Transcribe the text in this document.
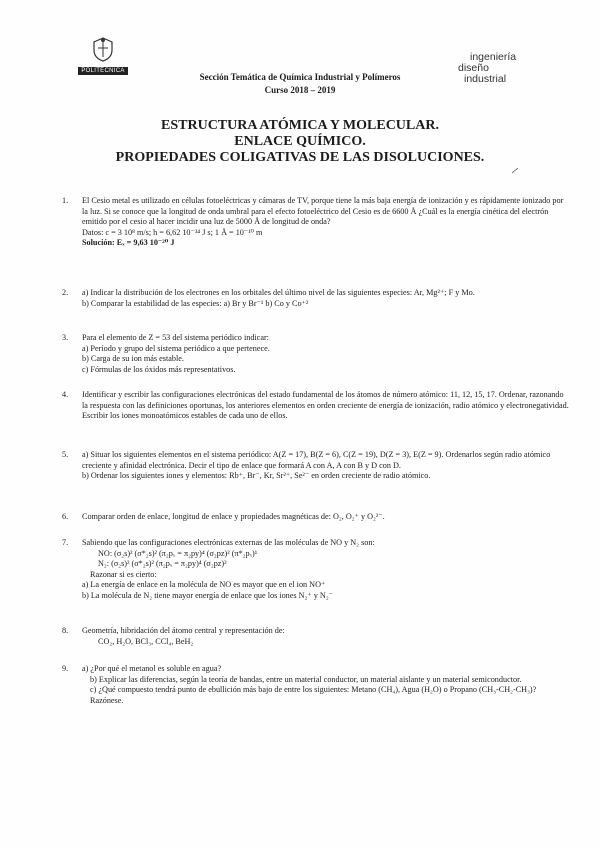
POLITÉCNICA
ingeniería
diseño
industrial
Sección Temática de Química Industrial y Polímeros
Curso 2018 – 2019
ESTRUCTURA ATÓMICA Y MOLECULAR.
ENLACE QUÍMICO.
PROPIEDADES COLIGATIVAS DE LAS DISOLUCIONES.
1.	El Cesio metal es utilizado en células fotoeléctricas y cámaras de TV, porque tiene la más baja energía de ionización y es rápidamente ionizado por la luz. Si se conoce que la longitud de onda umbral para el efecto fotoeléctrico del Cesio es de 6600 Å ¿Cuál es la energía cinética del electrón emitido por el cesio al hacer incidir una luz de 5000 Å de longitud de onda?

Datos: c = 3 10⁸ m/s; h = 6,62 10⁻³⁴ J s; 1 Å = 10⁻¹⁰ m

Solución: Eₓ = 9,63 10⁻²⁰ J

2.	a) Indicar la distribución de los electrones en los orbitales del último nivel de las siguientes especies: Ar, Mg²⁺; F y Mo.

b) Comparar la estabilidad de las especies: a) Br y Br⁻¹ b) Co y Co⁺²

3.	Para el elemento de Z = 53 del sistema periódico indicar:

a) Período y grupo del sistema periódico a que pertenece.

b) Carga de su ion más estable.

c) Fórmulas de los óxidos más representativos.

4.	Identificar y escribir las configuraciones electrónicas del estado fundamental de los átomos de número atómico: 11, 12, 15, 17. Ordenar, razonando la respuesta con las definiciones oportunas, los anteriores elementos en orden creciente de energía de ionización, radio atómico y electronegatividad. Escribir los iones monoatómicos estables de cada uno de ellos.

5.	a) Situar los siguientes elementos en el sistema periódico: A(Z = 17), B(Z = 6), C(Z = 19), D(Z = 3), E(Z = 9). Ordenarlos según radio atómico creciente y afinidad electrónica. Decir el tipo de enlace que formará A con A, A con B y D con D.

b) Ordenar los siguientes iones y elementos: Rb⁺, Br⁻, Kr, Sr²⁺, Se²⁻ en orden creciente de radio atómico.

6.	Comparar orden de enlace, longitud de enlace y propiedades magnéticas de: O₂, O₂⁺ y O₂²⁻.

7.	Sabiendo que las configuraciones electrónicas externas de las moléculas de NO y N₂ son:

NO: (σ₂s)² (σ*₂s)² (π₂pₓ = π₂py)⁴ (σ₂pz)² (π*₂pₓ)¹

N₂: (σ₂s)² (σ*₂s)² (π₂pₓ = π₂py)⁴ (σ₂pz)²

Razonar si es cierto:

a) La energía de enlace en la molécula de NO es mayor que en el ion NO⁺

b) La molécula de N₂ tiene mayor energía de enlace que los iones N₂⁺ y N₂⁻

8.	Geometría, hibridación del átomo central y representación de:

CO₂, H₂O, BCl₃, CCl₄, BeH₂

9.	a) ¿Por qué el metanol es soluble en agua?

b) Explicar las diferencias, según la teoría de bandas, entre un material conductor, un material aislante y un material semiconductor.

c) ¿Qué compuesto tendrá punto de ebullición más bajo de entre los siguientes: Metano (CH₄), Agua (H₂O) o Propano (CH₃-CH₂-CH₃)? Razónese.
